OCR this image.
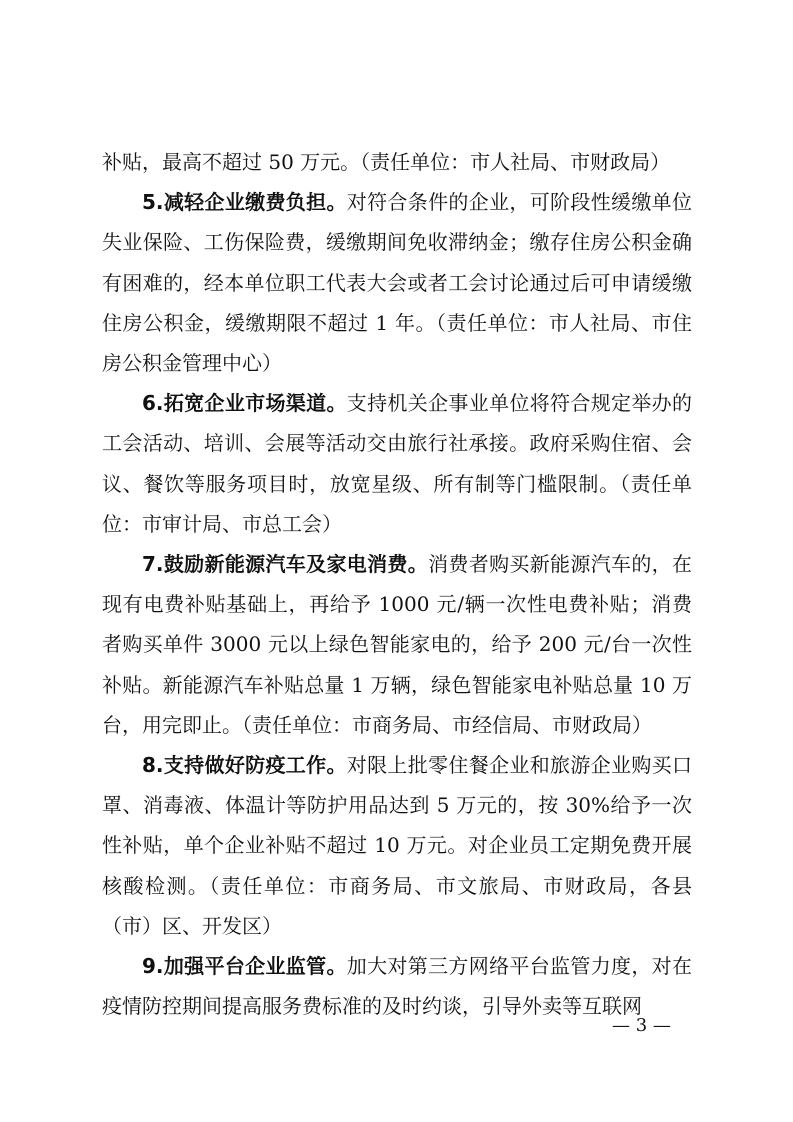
补贴，最高不超过 50 万元。（责任单位：市人社局、市财政局）

5.减轻企业缴费负担。对符合条件的企业，可阶段性缓缴单位失业保险、工伤保险费，缓缴期间免收滞纳金；缴存住房公积金确有困难的，经本单位职工代表大会或者工会讨论通过后可申请缓缴住房公积金，缓缴期限不超过 1 年。（责任单位：市人社局、市住房公积金管理中心）

6.拓宽企业市场渠道。支持机关企事业单位将符合规定举办的工会活动、培训、会展等活动交由旅行社承接。政府采购住宿、会议、餐饮等服务项目时，放宽星级、所有制等门槛限制。（责任单位：市审计局、市总工会）

7.鼓励新能源汽车及家电消费。消费者购买新能源汽车的，在现有电费补贴基础上，再给予 1000 元/辆一次性电费补贴；消费者购买单件 3000 元以上绿色智能家电的，给予 200 元/台一次性补贴。新能源汽车补贴总量 1 万辆，绿色智能家电补贴总量 10 万台，用完即止。（责任单位：市商务局、市经信局、市财政局）

8.支持做好防疫工作。对限上批零住餐企业和旅游企业购买口罩、消毒液、体温计等防护用品达到 5 万元的，按 30%给予一次性补贴，单个企业补贴不超过 10 万元。对企业员工定期免费开展核酸检测。（责任单位：市商务局、市文旅局、市财政局，各县（市）区、开发区）

9.加强平台企业监管。加大对第三方网络平台监管力度，对在疫情防控期间提高服务费标准的及时约谈，引导外卖等互联网

— 3 —
